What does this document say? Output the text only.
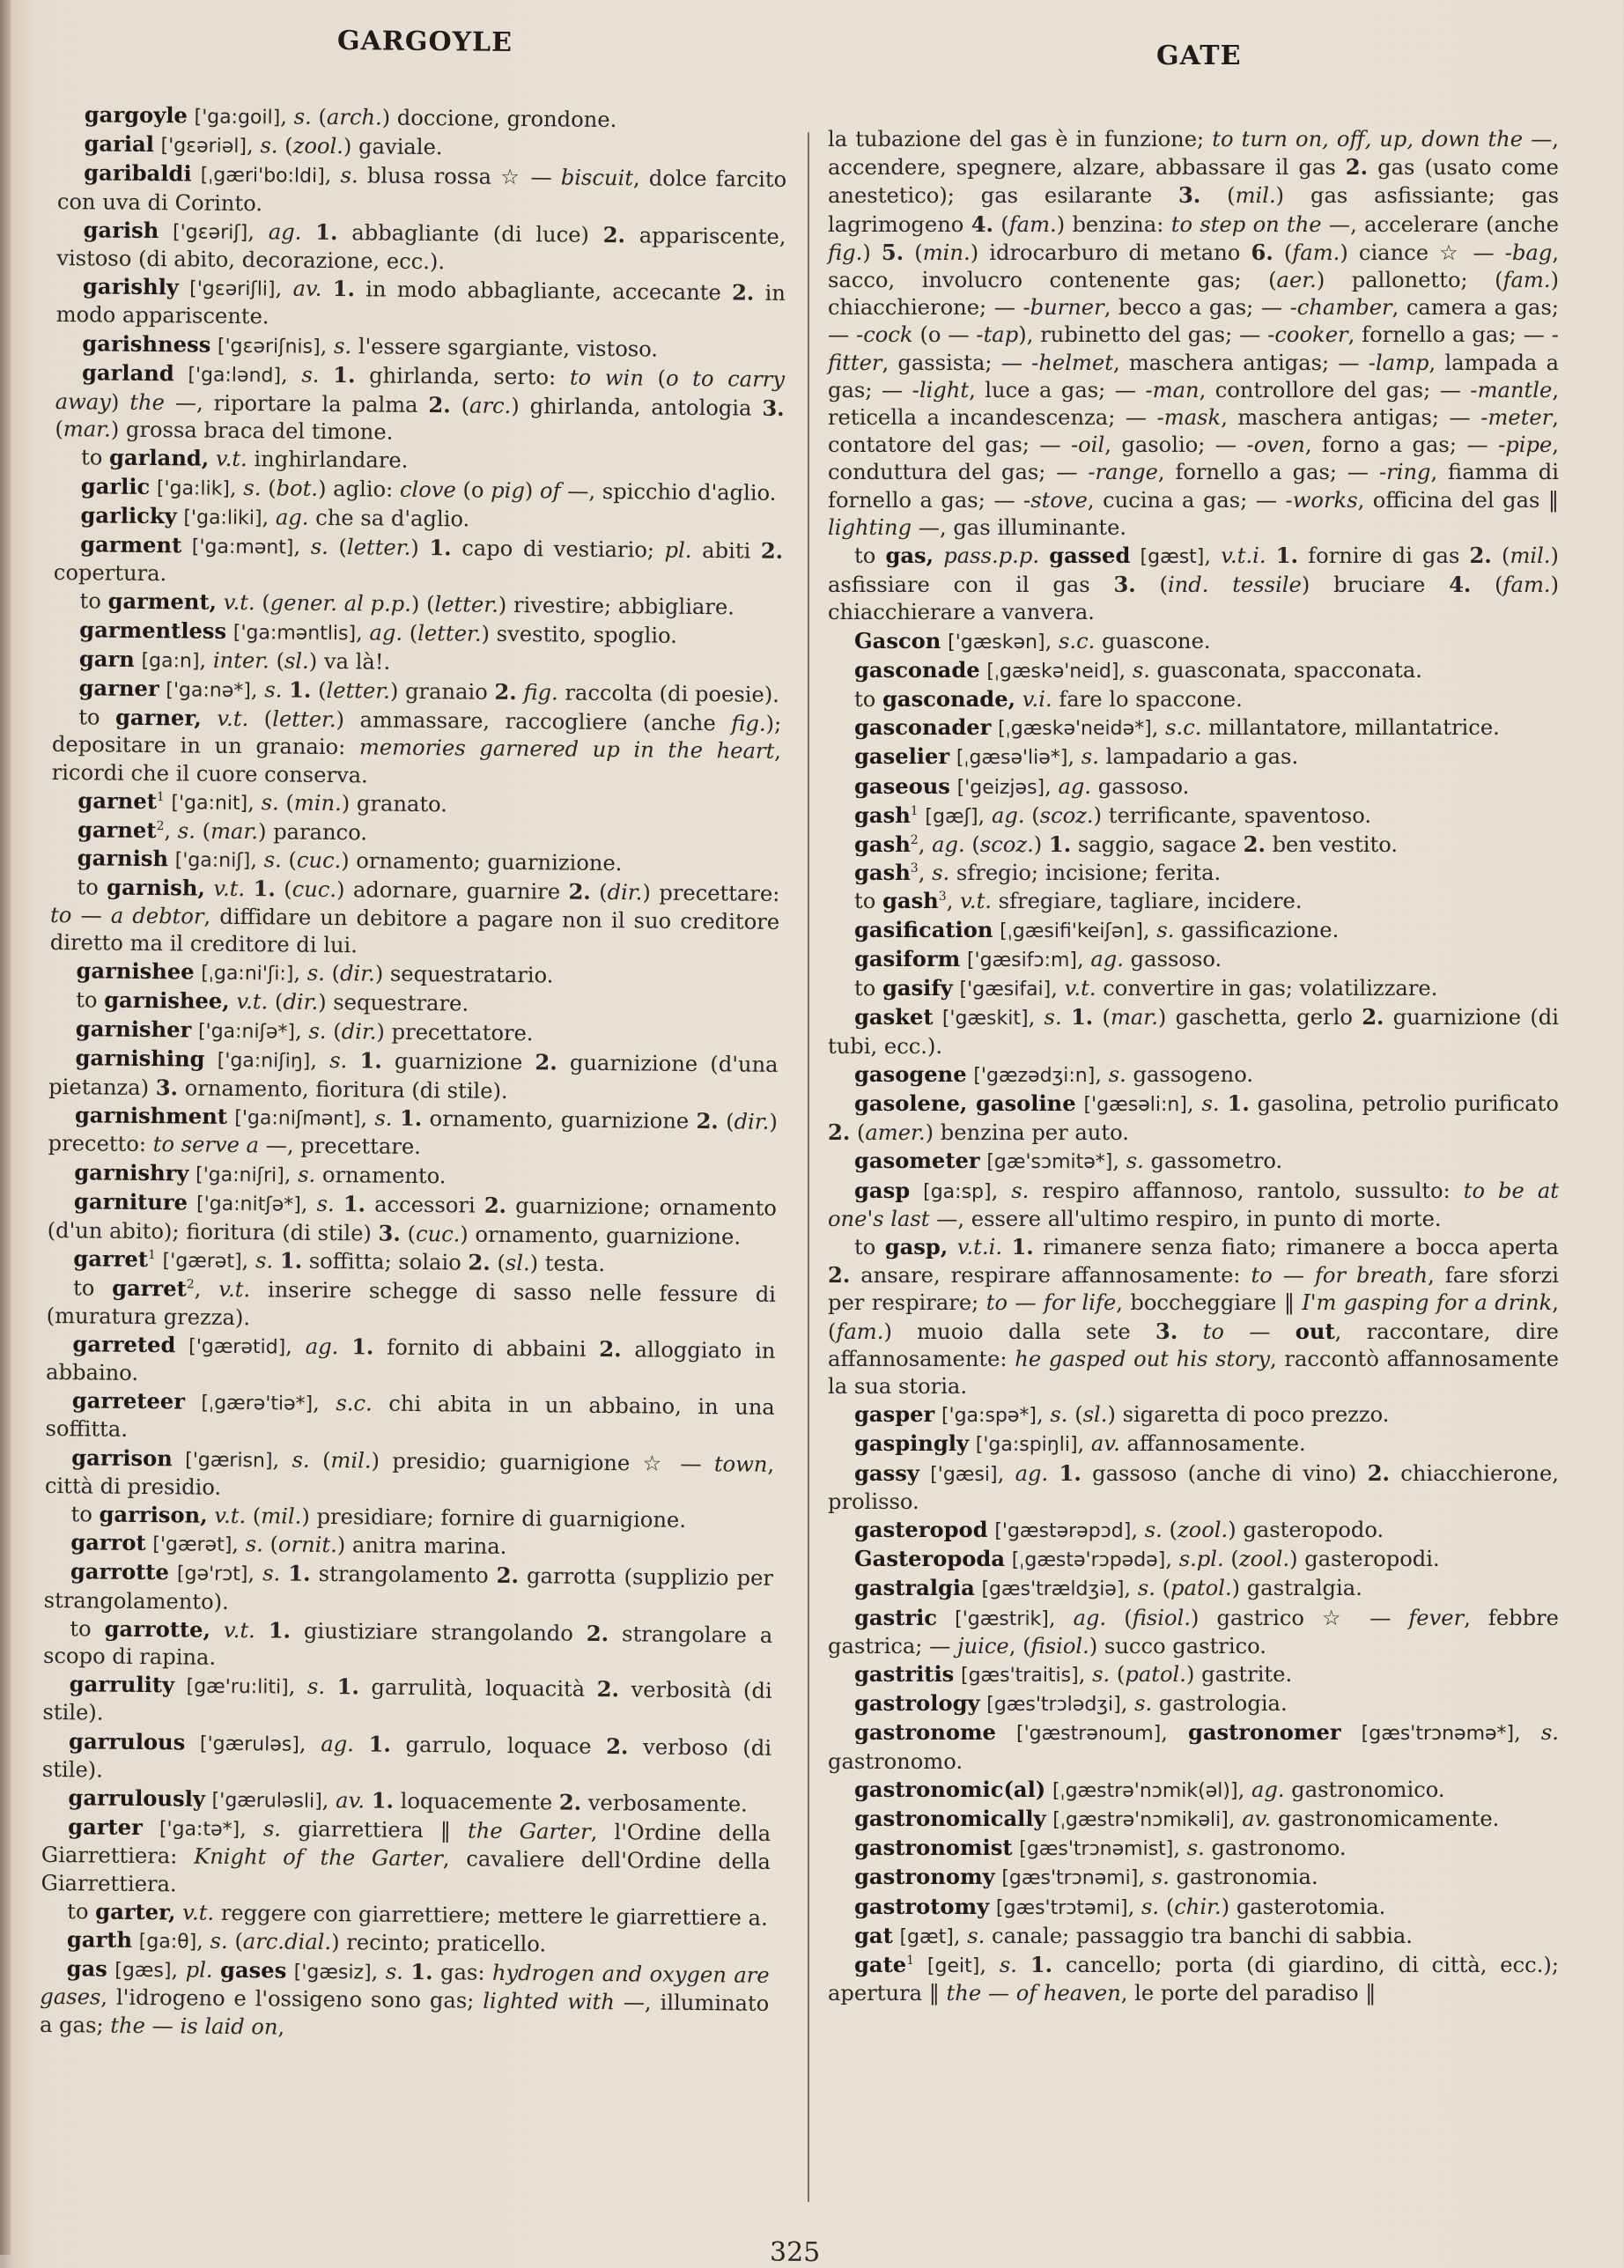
GARGOYLE	GATE

gargoyle ['ga:goil], s. (arch.) doccione, grondone.

garial ['gεəriəl], s. (zool.) gaviale.

garibaldi [ˌgæri'bo:ldi], s. blusa rossa ☆ — biscuit, dolce farcito con uva di Corinto.

garish ['gεəriʃ], ag. 1. abbagliante (di luce) 2. appariscente, vistoso (di abito, decorazione, ecc.).

garishly ['gεəriʃli], av. 1. in modo abbagliante, accecante 2. in modo appariscente.

garishness ['gεəriʃnis], s. l'essere sgargiante, vistoso.

garland ['ga:lənd], s. 1. ghirlanda, serto: to win (o to carry away) the —, riportare la palma 2. (arc.) ghirlanda, antologia 3. (mar.) grossa braca del timone.

to garland, v.t. inghirlandare.

garlic ['ga:lik], s. (bot.) aglio: clove (o pig) of —, spicchio d'aglio.

garlicky ['ga:liki], ag. che sa d'aglio.

garment ['ga:mənt], s. (letter.) 1. capo di vestiario; pl. abiti 2. copertura.

to garment, v.t. (gener. al p.p.) (letter.) rivestire; abbigliare.

garmentless ['ga:məntlis], ag. (letter.) svestito, spoglio.

garn [ga:n], inter. (sl.) va là!.

garner ['ga:nə*], s. 1. (letter.) granaio 2. fig. raccolta (di poesie).

to garner, v.t. (letter.) ammassare, raccogliere (anche fig.); depositare in un granaio: memories garnered up in the heart, ricordi che il cuore conserva.

garnet$^1$ ['ga:nit], s. (min.) granato.

garnet$^2$, s. (mar.) paranco.

garnish ['ga:niʃ], s. (cuc.) ornamento; guarnizione.

to garnish, v.t. 1. (cuc.) adornare, guarnire 2. (dir.) precettare: to — a debtor, diffidare un debitore a pagare non il suo creditore diretto ma il creditore di lui.

garnishee [ˌga:ni'ʃi:], s. (dir.) sequestratario.

to garnishee, v.t. (dir.) sequestrare.

garnisher ['ga:niʃə*], s. (dir.) precettatore.

garnishing ['ga:niʃiŋ], s. 1. guarnizione 2. guarnizione (d'una pietanza) 3. ornamento, fioritura (di stile).

garnishment ['ga:niʃmənt], s. 1. ornamento, guarnizione 2. (dir.) precetto: to serve a —, precettare.

garnishry ['ga:niʃri], s. ornamento.

garniture ['ga:nitʃə*], s. 1. accessori 2. guarnizione; ornamento (d'un abito); fioritura (di stile) 3. (cuc.) ornamento, guarnizione.

garret$^1$ ['gærət], s. 1. soffitta; solaio 2. (sl.) testa.

to garret$^2$, v.t. inserire schegge di sasso nelle fessure di (muratura grezza).

garreted ['gærətid], ag. 1. fornito di abbaini 2. alloggiato in abbaino.

garreteer [ˌgærə'tiə*], s.c. chi abita in un abbaino, in una soffitta.

garrison ['gærisn], s. (mil.) presidio; guarnigione ☆ — town, città di presidio.

to garrison, v.t. (mil.) presidiare; fornire di guarnigione.

garrot ['gærət], s. (ornit.) anitra marina.

garrotte [gə'rɔt], s. 1. strangolamento 2. garrotta (supplizio per strangolamento).

to garrotte, v.t. 1. giustiziare strangolando 2. strangolare a scopo di rapina.

garrulity [gæ'ru:liti], s. 1. garrulità, loquacità 2. verbosità (di stile).

garrulous ['gæruləs], ag. 1. garrulo, loquace 2. verboso (di stile).

garrulously ['gæruləsli], av. 1. loquacemente 2. verbosamente.

garter ['ga:tə*], s. giarrettiera ‖ the Garter, l'Ordine della Giarrettiera: Knight of the Garter, cavaliere dell'Ordine della Giarrettiera.

to garter, v.t. reggere con giarrettiere; mettere le giarrettiere a.

garth [ga:θ], s. (arc.dial.) recinto; praticello.

gas [gæs], pl. gases ['gæsiz], s. 1. gas: hydrogen and oxygen are gases, l'idrogeno e l'ossigeno sono gas; lighted with —, illuminato a gas; the — is laid on,

la tubazione del gas è in funzione; to turn on, off, up, down the —, accendere, spegnere, alzare, abbassare il gas 2. gas (usato come anestetico); gas esilarante 3. (mil.) gas asfissiante; gas lagrimogeno 4. (fam.) benzina: to step on the —, accelerare (anche fig.) 5. (min.) idrocarburo di metano 6. (fam.) ciance ☆ — -bag, sacco, involucro contenente gas; (aer.) pallonetto; (fam.) chiacchierone; — -burner, becco a gas; — -chamber, camera a gas; — -cock (o — -tap), rubinetto del gas; — -cooker, fornello a gas; — -fitter, gassista; — -helmet, maschera antigas; — -lamp, lampada a gas; — -light, luce a gas; — -man, controllore del gas; — -mantle, reticella a incandescenza; — -mask, maschera antigas; — -meter, contatore del gas; — -oil, gasolio; — -oven, forno a gas; — -pipe, conduttura del gas; — -range, fornello a gas; — -ring, fiamma di fornello a gas; — -stove, cucina a gas; — -works, officina del gas ‖ lighting —, gas illuminante.

to gas, pass.p.p. gassed [gæst], v.t.i. 1. fornire di gas 2. (mil.) asfissiare con il gas 3. (ind. tessile) bruciare 4. (fam.) chiacchierare a vanvera.

Gascon ['gæskən], s.c. guascone.

gasconade [ˌgæskə'neid], s. guasconata, spacconata.

to gasconade, v.i. fare lo spaccone.

gasconader [ˌgæskə'neidə*], s.c. millantatore, millantatrice.

gaselier [ˌgæsə'liə*], s. lampadario a gas.

gaseous ['geizjəs], ag. gassoso.

gash$^1$ [gæʃ], ag. (scoz.) terrificante, spaventoso.

gash$^2$, ag. (scoz.) 1. saggio, sagace 2. ben vestito.

gash$^3$, s. sfregio; incisione; ferita.

to gash$^3$, v.t. sfregiare, tagliare, incidere.

gasification [ˌgæsifi'keiʃən], s. gassificazione.

gasiform ['gæsifɔ:m], ag. gassoso.

to gasify ['gæsifai], v.t. convertire in gas; volatilizzare.

gasket ['gæskit], s. 1. (mar.) gaschetta, gerlo 2. guarnizione (di tubi, ecc.).

gasogene ['gæzədʒi:n], s. gassogeno.

gasolene, gasoline ['gæsəli:n], s. 1. gasolina, petrolio purificato 2. (amer.) benzina per auto.

gasometer [gæ'sɔmitə*], s. gassometro.

gasp [ga:sp], s. respiro affannoso, rantolo, sussulto: to be at one's last —, essere all'ultimo respiro, in punto di morte.

to gasp, v.t.i. 1. rimanere senza fiato; rimanere a bocca aperta 2. ansare, respirare affannosamente: to — for breath, fare sforzi per respirare; to — for life, boccheggiare ‖ I'm gasping for a drink, (fam.) muoio dalla sete 3. to — out, raccontare, dire affannosamente: he gasped out his story, raccontò affannosamente la sua storia.

gasper ['ga:spə*], s. (sl.) sigaretta di poco prezzo.

gaspingly ['ga:spiŋli], av. affannosamente.

gassy ['gæsi], ag. 1. gassoso (anche di vino) 2. chiacchierone, prolisso.

gasteropod ['gæstərəpɔd], s. (zool.) gasteropodo.

Gasteropoda [ˌgæstə'rɔpədə], s.pl. (zool.) gasteropodi.

gastralgia [gæs'trældʒiə], s. (patol.) gastralgia.

gastric ['gæstrik], ag. (fisiol.) gastrico ☆ — fever, febbre gastrica; — juice, (fisiol.) succo gastrico.

gastritis [gæs'traitis], s. (patol.) gastrite.

gastrology [gæs'trɔlədʒi], s. gastrologia.

gastronome ['gæstrənoum], gastronomer [gæs'trɔnəmə*], s. gastronomo.

gastronomic(al) [ˌgæstrə'nɔmik(əl)], ag. gastronomico.

gastronomically [ˌgæstrə'nɔmikəli], av. gastronomicamente.

gastronomist [gæs'trɔnəmist], s. gastronomo.

gastronomy [gæs'trɔnəmi], s. gastronomia.

gastrotomy [gæs'trɔtəmi], s. (chir.) gasterotomia.

gat [gæt], s. canale; passaggio tra banchi di sabbia.

gate$^1$ [geit], s. 1. cancello; porta (di giardino, di città, ecc.); apertura ‖ the — of heaven, le porte del paradiso ‖

325
